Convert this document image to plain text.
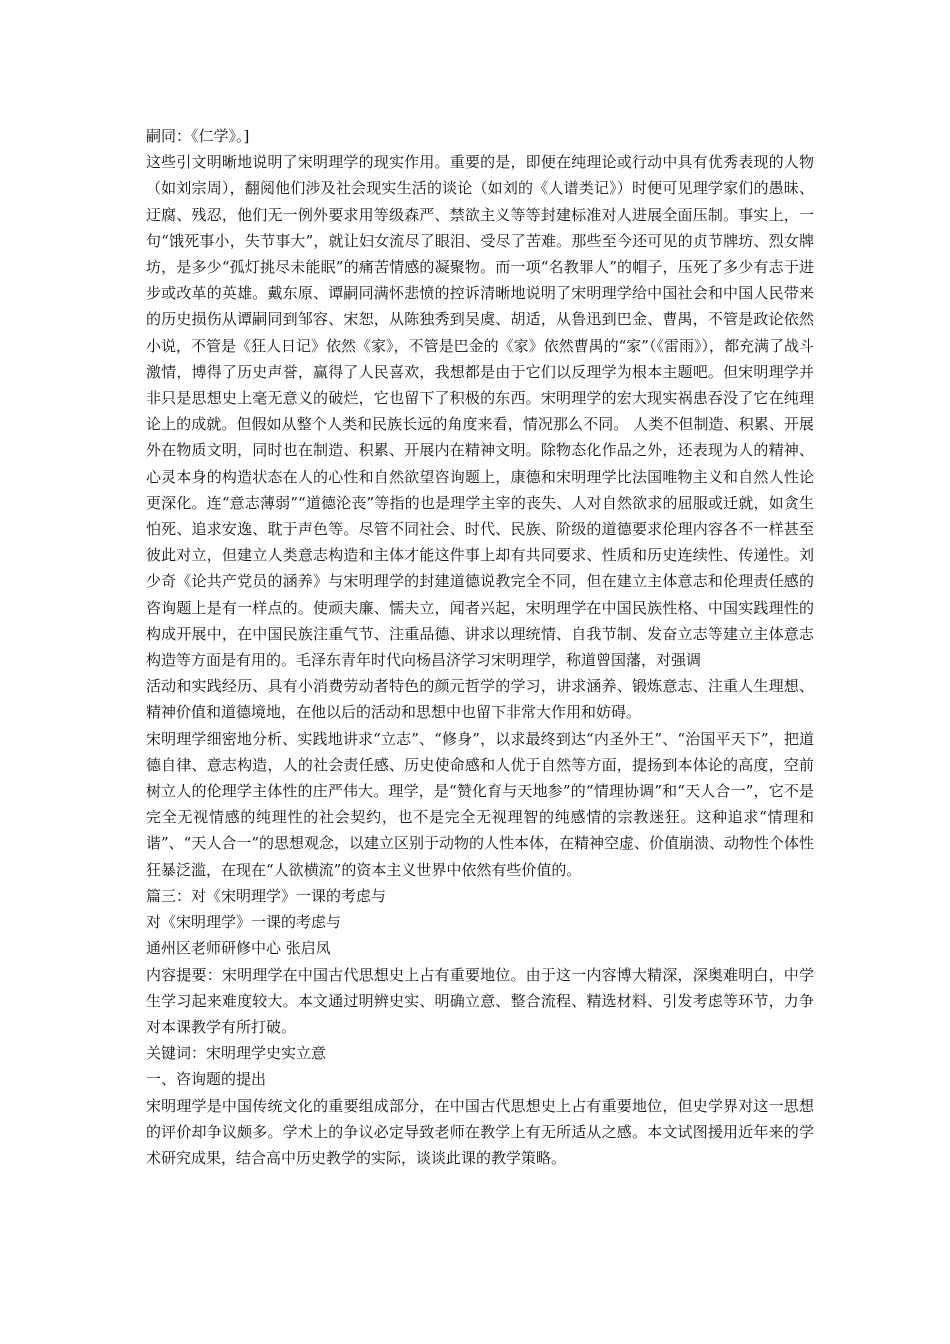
嗣同：《仁学》。]

这些引文明晰地说明了宋明理学的现实作用。重要的是，即便在纯理论或行动中具有优秀表现的人物（如刘宗周），翻阅他们涉及社会现实生活的谈论（如刘的《人谱类记》）时便可见理学家们的愚昧、迂腐、残忍，他们无一例外要求用等级森严、禁欲主义等等封建标准对人进展全面压制。事实上，一句“饿死事小，失节事大”，就让妇女流尽了眼泪、受尽了苦难。那些至今还可见的贞节牌坊、烈女牌坊，是多少“孤灯挑尽未能眠”的痛苦情感的凝聚物。而一项“名教罪人”的帽子，压死了多少有志于进步或改革的英雄。戴东原、谭嗣同满怀悲愤的控诉清晰地说明了宋明理学给中国社会和中国人民带来的历史损伤从谭嗣同到邹容、宋恕，从陈独秀到吴虞、胡适，从鲁迅到巴金、曹禺，不管是政论依然小说，不管是《狂人日记》依然《家》，不管是巴金的《家》依然曹禺的“家”（《雷雨》），都充满了战斗激情，博得了历史声誉，赢得了人民喜欢，我想都是由于它们以反理学为根本主题吧。但宋明理学并非只是思想史上毫无意义的破烂，它也留下了积极的东西。宋明理学的宏大现实祸患吞没了它在纯理论上的成就。但假如从整个人类和民族长远的角度来看，情况那么不同。 人类不但制造、积累、开展外在物质文明，同时也在制造、积累、开展内在精神文明。除物态化作品之外，还表现为人的精神、心灵本身的构造状态在人的心性和自然欲望咨询题上，康德和宋明理学比法国唯物主义和自然人性论更深化。连“意志薄弱”“道德沦丧”等指的也是理学主宰的丧失、人对自然欲求的屈服或迁就，如贪生怕死、追求安逸、耽于声色等。尽管不同社会、时代、民族、阶级的道德要求伦理内容各不一样甚至彼此对立，但建立人类意志构造和主体才能这件事上却有共同要求、性质和历史连续性、传递性。刘少奇《论共产党员的涵养》与宋明理学的封建道德说教完全不同，但在建立主体意志和伦理责任感的咨询题上是有一样点的。使顽夫廉、懦夫立，闻者兴起，宋明理学在中国民族性格、中国实践理性的构成开展中，在中国民族注重气节、注重品德、讲求以理统情、自我节制、发奋立志等建立主体意志构造等方面是有用的。毛泽东青年时代向杨昌济学习宋明理学，称道曾国藩，对强调

活动和实践经历、具有小消费劳动者特色的颜元哲学的学习，讲求涵养、锻炼意志、注重人生理想、精神价值和道德境地，在他以后的活动和思想中也留下非常大作用和妨碍。

宋明理学细密地分析、实践地讲求“立志”、“修身”，以求最终到达“内圣外王”、“治国平天下”，把道德自律、意志构造，人的社会责任感、历史使命感和人优于自然等方面，提扬到本体论的高度，空前树立人的伦理学主体性的庄严伟大。理学，是“赞化育与天地参”的“情理协调”和“天人合一”，它不是完全无视情感的纯理性的社会契约，也不是完全无视理智的纯感情的宗教迷狂。这种追求“情理和谐”、“天人合一”的思想观念，以建立区别于动物的人性本体，在精神空虚、价值崩溃、动物性个体性狂暴泛滥，在现在“人欲横流”的资本主义世界中依然有些价值的。

篇三：对《宋明理学》一课的考虑与

对《宋明理学》一课的考虑与

通州区老师研修中心 张启凤

内容提要：宋明理学在中国古代思想史上占有重要地位。由于这一内容博大精深，深奥难明白，中学生学习起来难度较大。本文通过明辨史实、明确立意、整合流程、精选材料、引发考虑等环节，力争对本课教学有所打破。

关键词：宋明理学史实立意

一、咨询题的提出

宋明理学是中国传统文化的重要组成部分，在中国古代思想史上占有重要地位，但史学界对这一思想的评价却争议颇多。学术上的争议必定导致老师在教学上有无所适从之感。本文试图援用近年来的学术研究成果，结合高中历史教学的实际，谈谈此课的教学策略。
